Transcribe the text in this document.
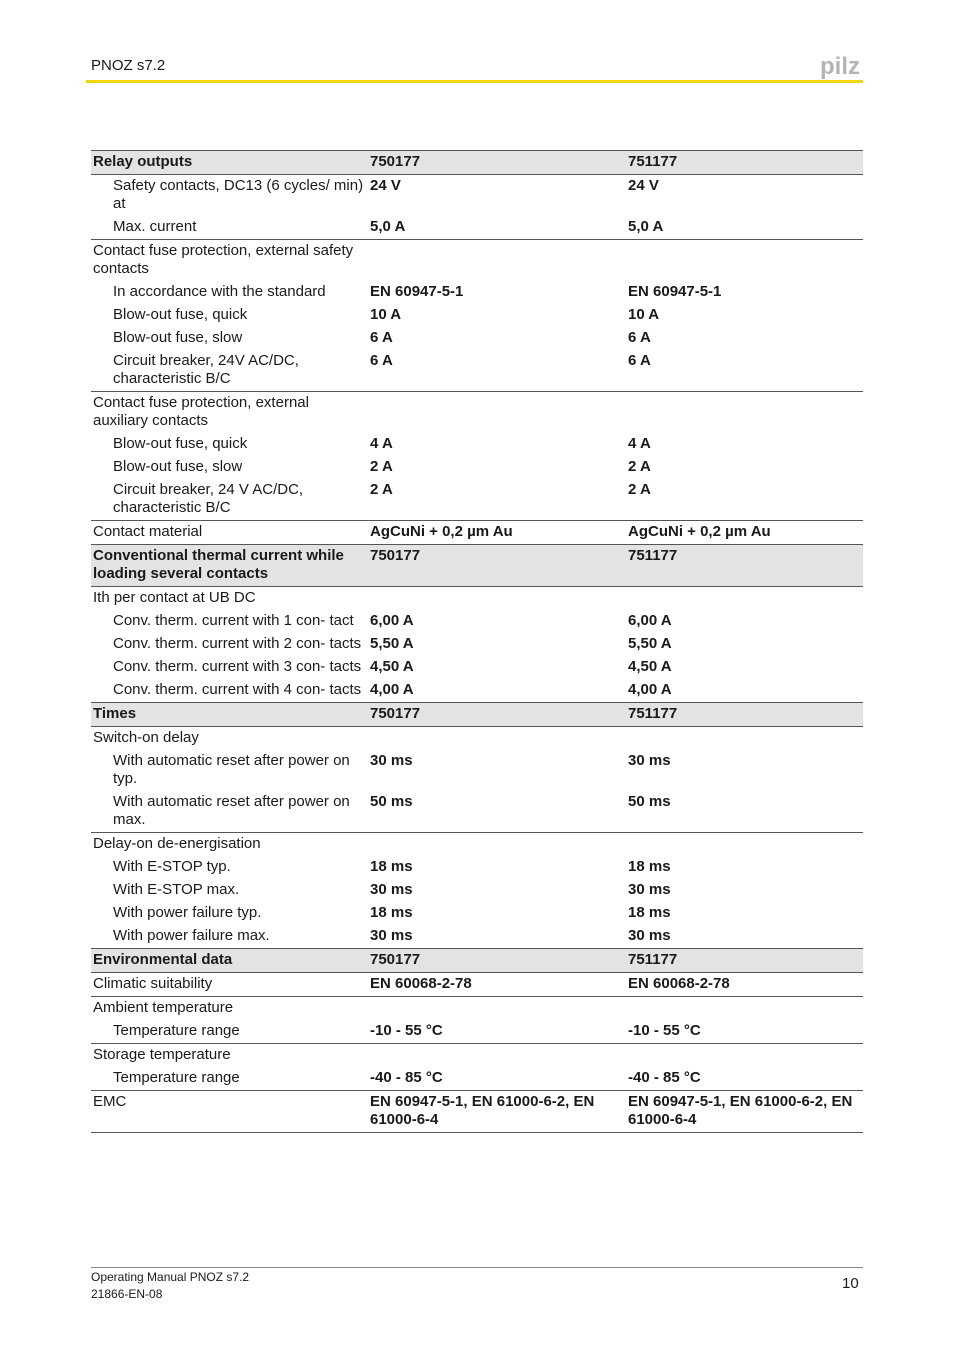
PNOZ s7.2	pilz
Relay outputs	750177	751177
Safety contacts, DC13 (6 cycles/ min) at	24 V	24 V
Max. current	5,0 A	5,0 A
Contact fuse protection, external safety contacts		
In accordance with the standard	EN 60947-5-1	EN 60947-5-1
Blow-out fuse, quick	10 A	10 A
Blow-out fuse, slow	6 A	6 A
Circuit breaker, 24V AC/DC, characteristic B/C	6 A	6 A
Contact fuse protection, external auxiliary contacts		
Blow-out fuse, quick	4 A	4 A
Blow-out fuse, slow	2 A	2 A
Circuit breaker, 24 V AC/DC, characteristic B/C	2 A	2 A
Contact material	AgCuNi + 0,2 µm Au	AgCuNi + 0,2 µm Au
Conventional thermal current while loading several contacts	750177	751177
Ith per contact at UB DC		
Conv. therm. current with 1 con- tact	6,00 A	6,00 A
Conv. therm. current with 2 con- tacts	5,50 A	5,50 A
Conv. therm. current with 3 con- tacts	4,50 A	4,50 A
Conv. therm. current with 4 con- tacts	4,00 A	4,00 A
Times	750177	751177
Switch-on delay		
With automatic reset after power on typ.	30 ms	30 ms
With automatic reset after power on max.	50 ms	50 ms
Delay-on de-energisation		
With E-STOP typ.	18 ms	18 ms
With E-STOP max.	30 ms	30 ms
With power failure typ.	18 ms	18 ms
With power failure max.	30 ms	30 ms
Environmental data	750177	751177
Climatic suitability	EN 60068-2-78	EN 60068-2-78
Ambient temperature		
Temperature range	-10 - 55 °C	-10 - 55 °C
Storage temperature		
Temperature range	-40 - 85 °C	-40 - 85 °C
EMC	EN 60947-5-1, EN 61000-6-2, EN 61000-6-4	EN 60947-5-1, EN 61000-6-2, EN 61000-6-4
Operating Manual PNOZ s7.2
21866-EN-08
10
